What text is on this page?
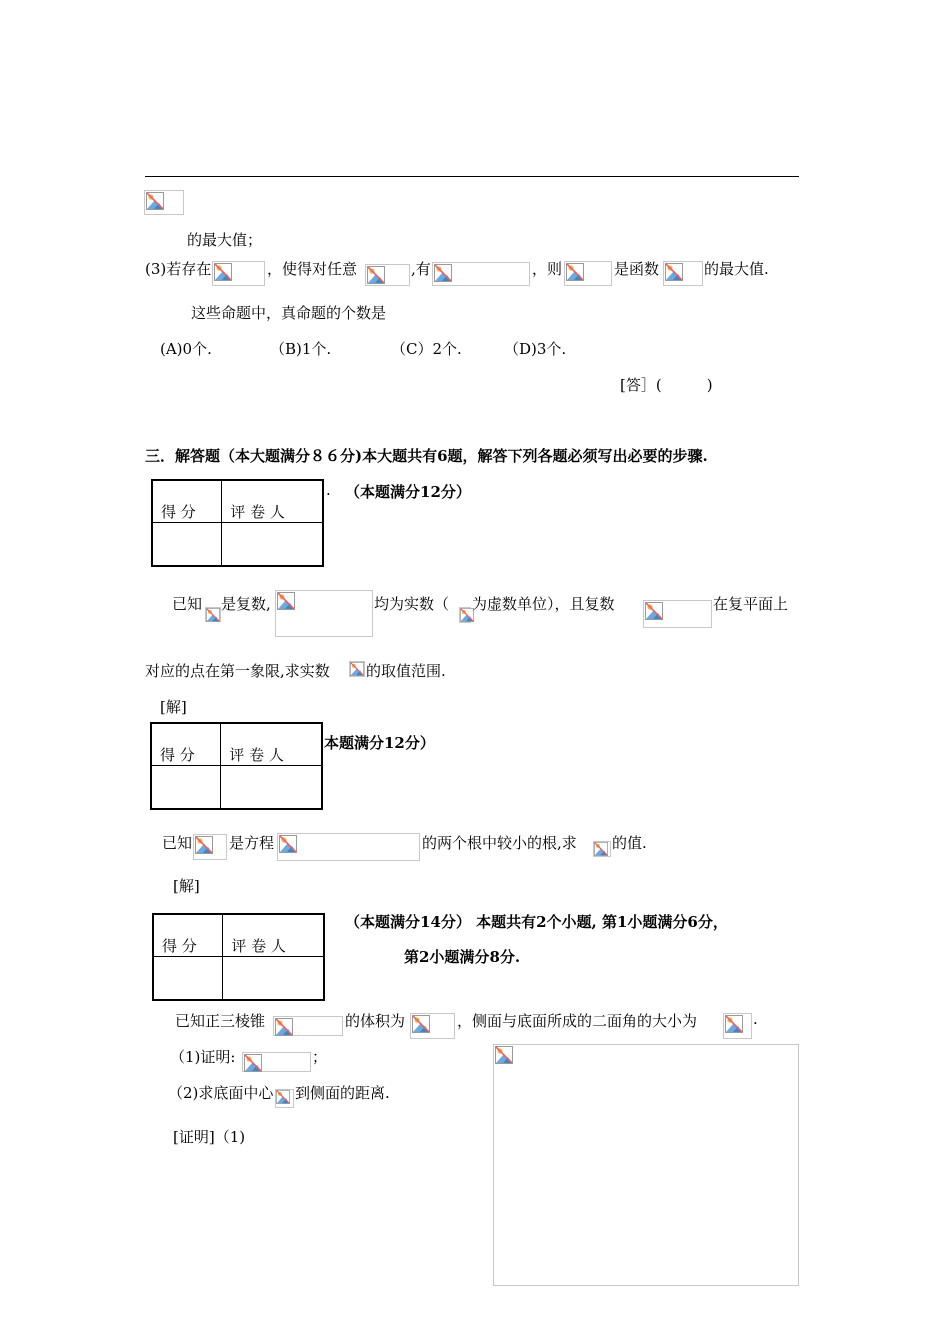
的最大值；
(3)若存在	，使得对任意	,有	，则	是函数	的最大值.
这些命题中，真命题的个数是
(A)0个.	（B)1个.	（C）2个.	（D)3个.
[答］(　　　)
三．解答题（本大题满分８６分)本大题共有6题，解答下列各题必须写出必要的步骤.
得 分	评 卷 人

. （本题满分12分）
已知 是复数,	均为实数（ 为虚数单位），且复数	在复平面上
对应的点在第一象限,求实数 的取值范围.
[解]
得 分	评 卷 人

本题满分12分）
已知 是方程	的两个根中较小的根,求 的值.
[解]
得 分	评 卷 人

（本题满分14分） 本题共有2个小题, 第1小题满分6分，
第2小题满分8分.
已知正三棱锥	的体积为	，侧面与底面所成的二面角的大小为	.
（1)证明:	；
（2)求底面中心 到侧面的距离.
[证明]（1)
